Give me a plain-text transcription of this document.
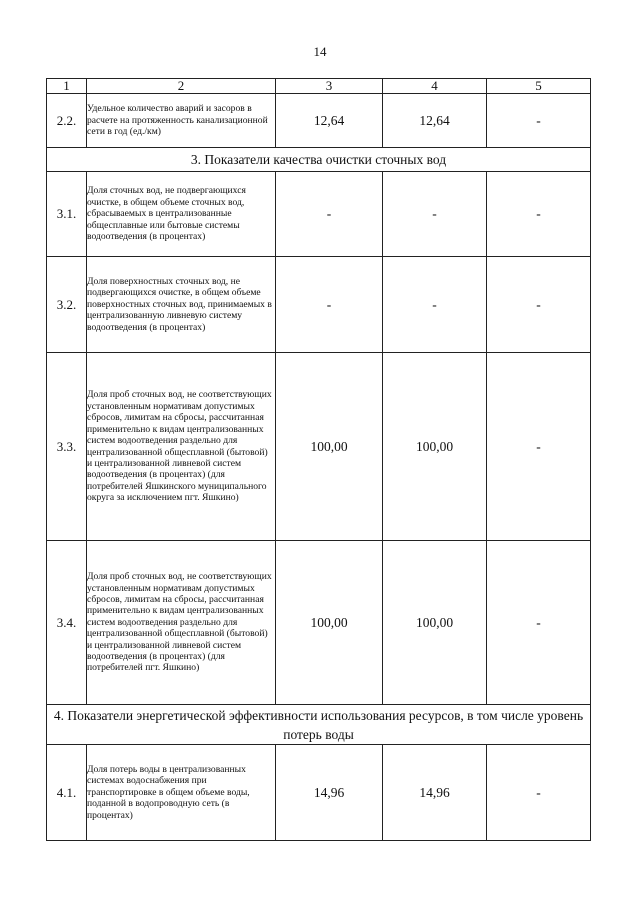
14
1	2	3	4	5
2.2.	Удельное количество аварий и засоров в расчете на протяженность канализационной сети в год (ед./км)	12,64	12,64	-
3. Показатели качества очистки сточных вод				
3.1.	Доля сточных вод, не подвергающихся очистке, в общем объеме сточных вод, сбрасываемых в централизованные общесплавные или бытовые системы водоотведения (в процентах)	-	-	-
3.2.	Доля поверхностных сточных вод, не подвергающихся очистке, в общем объеме поверхностных сточных вод, принимаемых в централизованную ливневую систему водоотведения (в процентах)	-	-	-
3.3.	Доля проб сточных вод, не соответствующих установленным нормативам допустимых сбросов, лимитам на сбросы, рассчитанная применительно к видам централизованных систем водоотведения раздельно для централизованной общесплавной (бытовой) и централизованной ливневой систем водоотведения (в процентах) (для потребителей Яшкинского муниципального округа за исключением пгт. Яшкино)	100,00	100,00	-
3.4.	Доля проб сточных вод, не соответствующих установленным нормативам допустимых сбросов, лимитам на сбросы, рассчитанная применительно к видам централизованных систем водоотведения раздельно для централизованной общесплавной (бытовой) и централизованной ливневой систем водоотведения (в процентах) (для потребителей пгт. Яшкино)	100,00	100,00	-
4. Показатели энергетической эффективности использования ресурсов, в том числе уровень потерь воды				
4.1.	Доля потерь воды в централизованных системах водоснабжения при транспортировке в общем объеме воды, поданной в водопроводную сеть (в процентах)	14,96	14,96	-
